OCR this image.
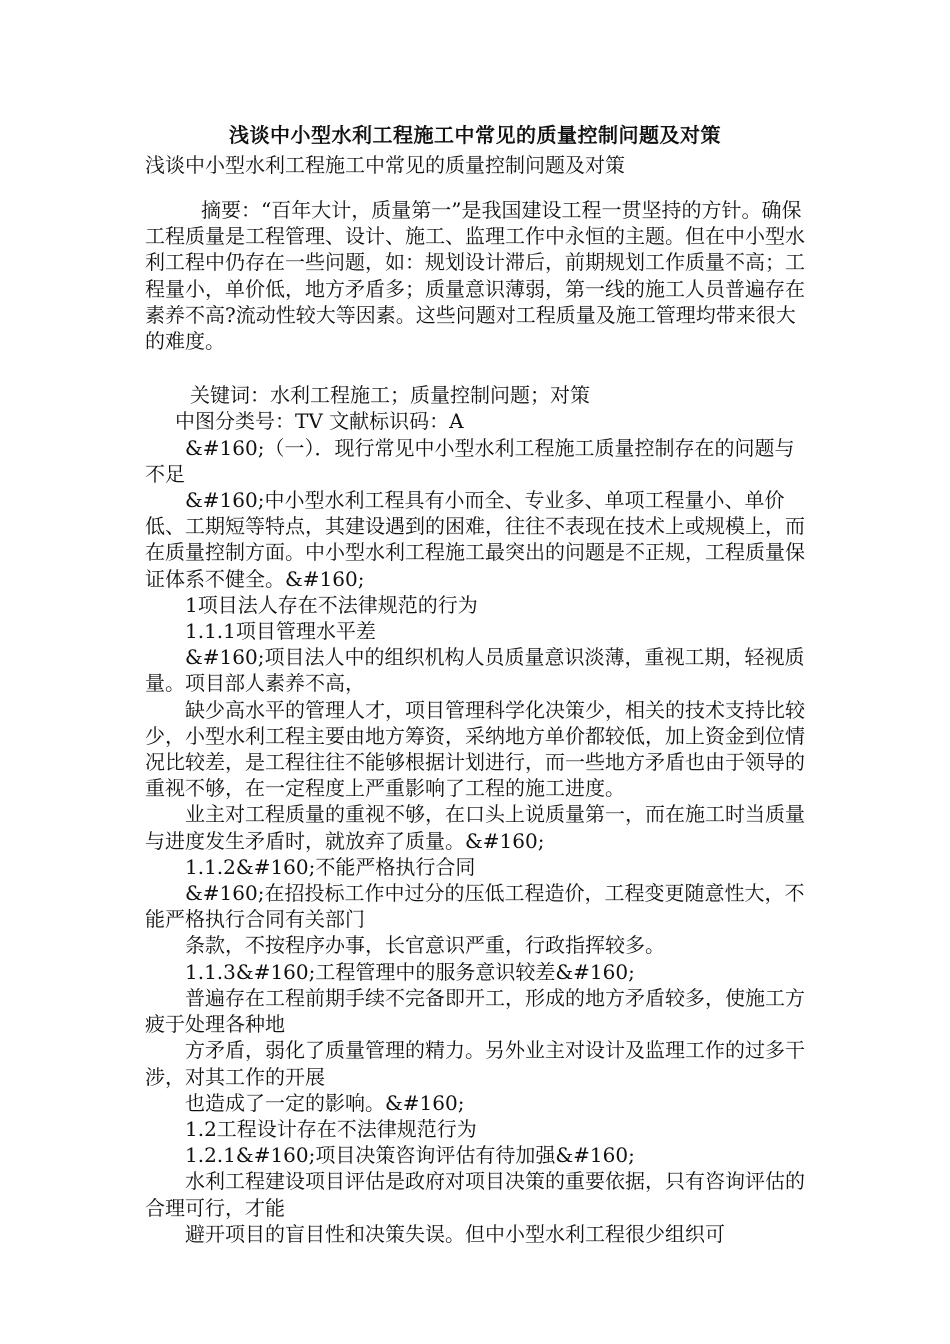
浅谈中小型水利工程施工中常见的质量控制问题及对策
浅谈中小型水利工程施工中常见的质量控制问题及对策

摘要：“百年大计，质量第一”是我国建设工程一贯坚持的方针。确保工程质量是工程管理、设计、施工、监理工作中永恒的主题。但在中小型水利工程中仍存在一些问题，如：规划设计滞后，前期规划工作质量不高；工程量小，单价低，地方矛盾多；质量意识薄弱，第一线的施工人员普遍存在素养不高?流动性较大等因素。这些问题对工程质量及施工管理均带来很大的难度。

关键词：水利工程施工；质量控制问题；对策

中图分类号：TV 文献标识码：A

&#160;（一）．现行常见中小型水利工程施工质量控制存在的问题与不足

&#160;中小型水利工程具有小而全、专业多、单项工程量小、单价低、工期短等特点，其建设遇到的困难，往往不表现在技术上或规模上，而在质量控制方面。中小型水利工程施工最突出的问题是不正规，工程质量保证体系不健全。&#160;

1项目法人存在不法律规范的行为

1.1.1项目管理水平差

&#160;项目法人中的组织机构人员质量意识淡薄，重视工期，轻视质量。项目部人素养不高，

缺少高水平的管理人才，项目管理科学化决策少，相关的技术支持比较少，小型水利工程主要由地方筹资，采纳地方单价都较低，加上资金到位情况比较差，是工程往往不能够根据计划进行，而一些地方矛盾也由于领导的重视不够，在一定程度上严重影响了工程的施工进度。

业主对工程质量的重视不够，在口头上说质量第一，而在施工时当质量与进度发生矛盾时，就放弃了质量。&#160;

1.1.2&#160;不能严格执行合同

&#160;在招投标工作中过分的压低工程造价，工程变更随意性大，不能严格执行合同有关部门

条款，不按程序办事，长官意识严重，行政指挥较多。

1.1.3&#160;工程管理中的服务意识较差&#160;

普遍存在工程前期手续不完备即开工，形成的地方矛盾较多，使施工方疲于处理各种地

方矛盾，弱化了质量管理的精力。另外业主对设计及监理工作的过多干涉，对其工作的开展

也造成了一定的影响。&#160;

1.2工程设计存在不法律规范行为

1.2.1&#160;项目决策咨询评估有待加强&#160;

水利工程建设项目评估是政府对项目决策的重要依据，只有咨询评估的合理可行，才能

避开项目的盲目性和决策失误。但中小型水利工程很少组织可
